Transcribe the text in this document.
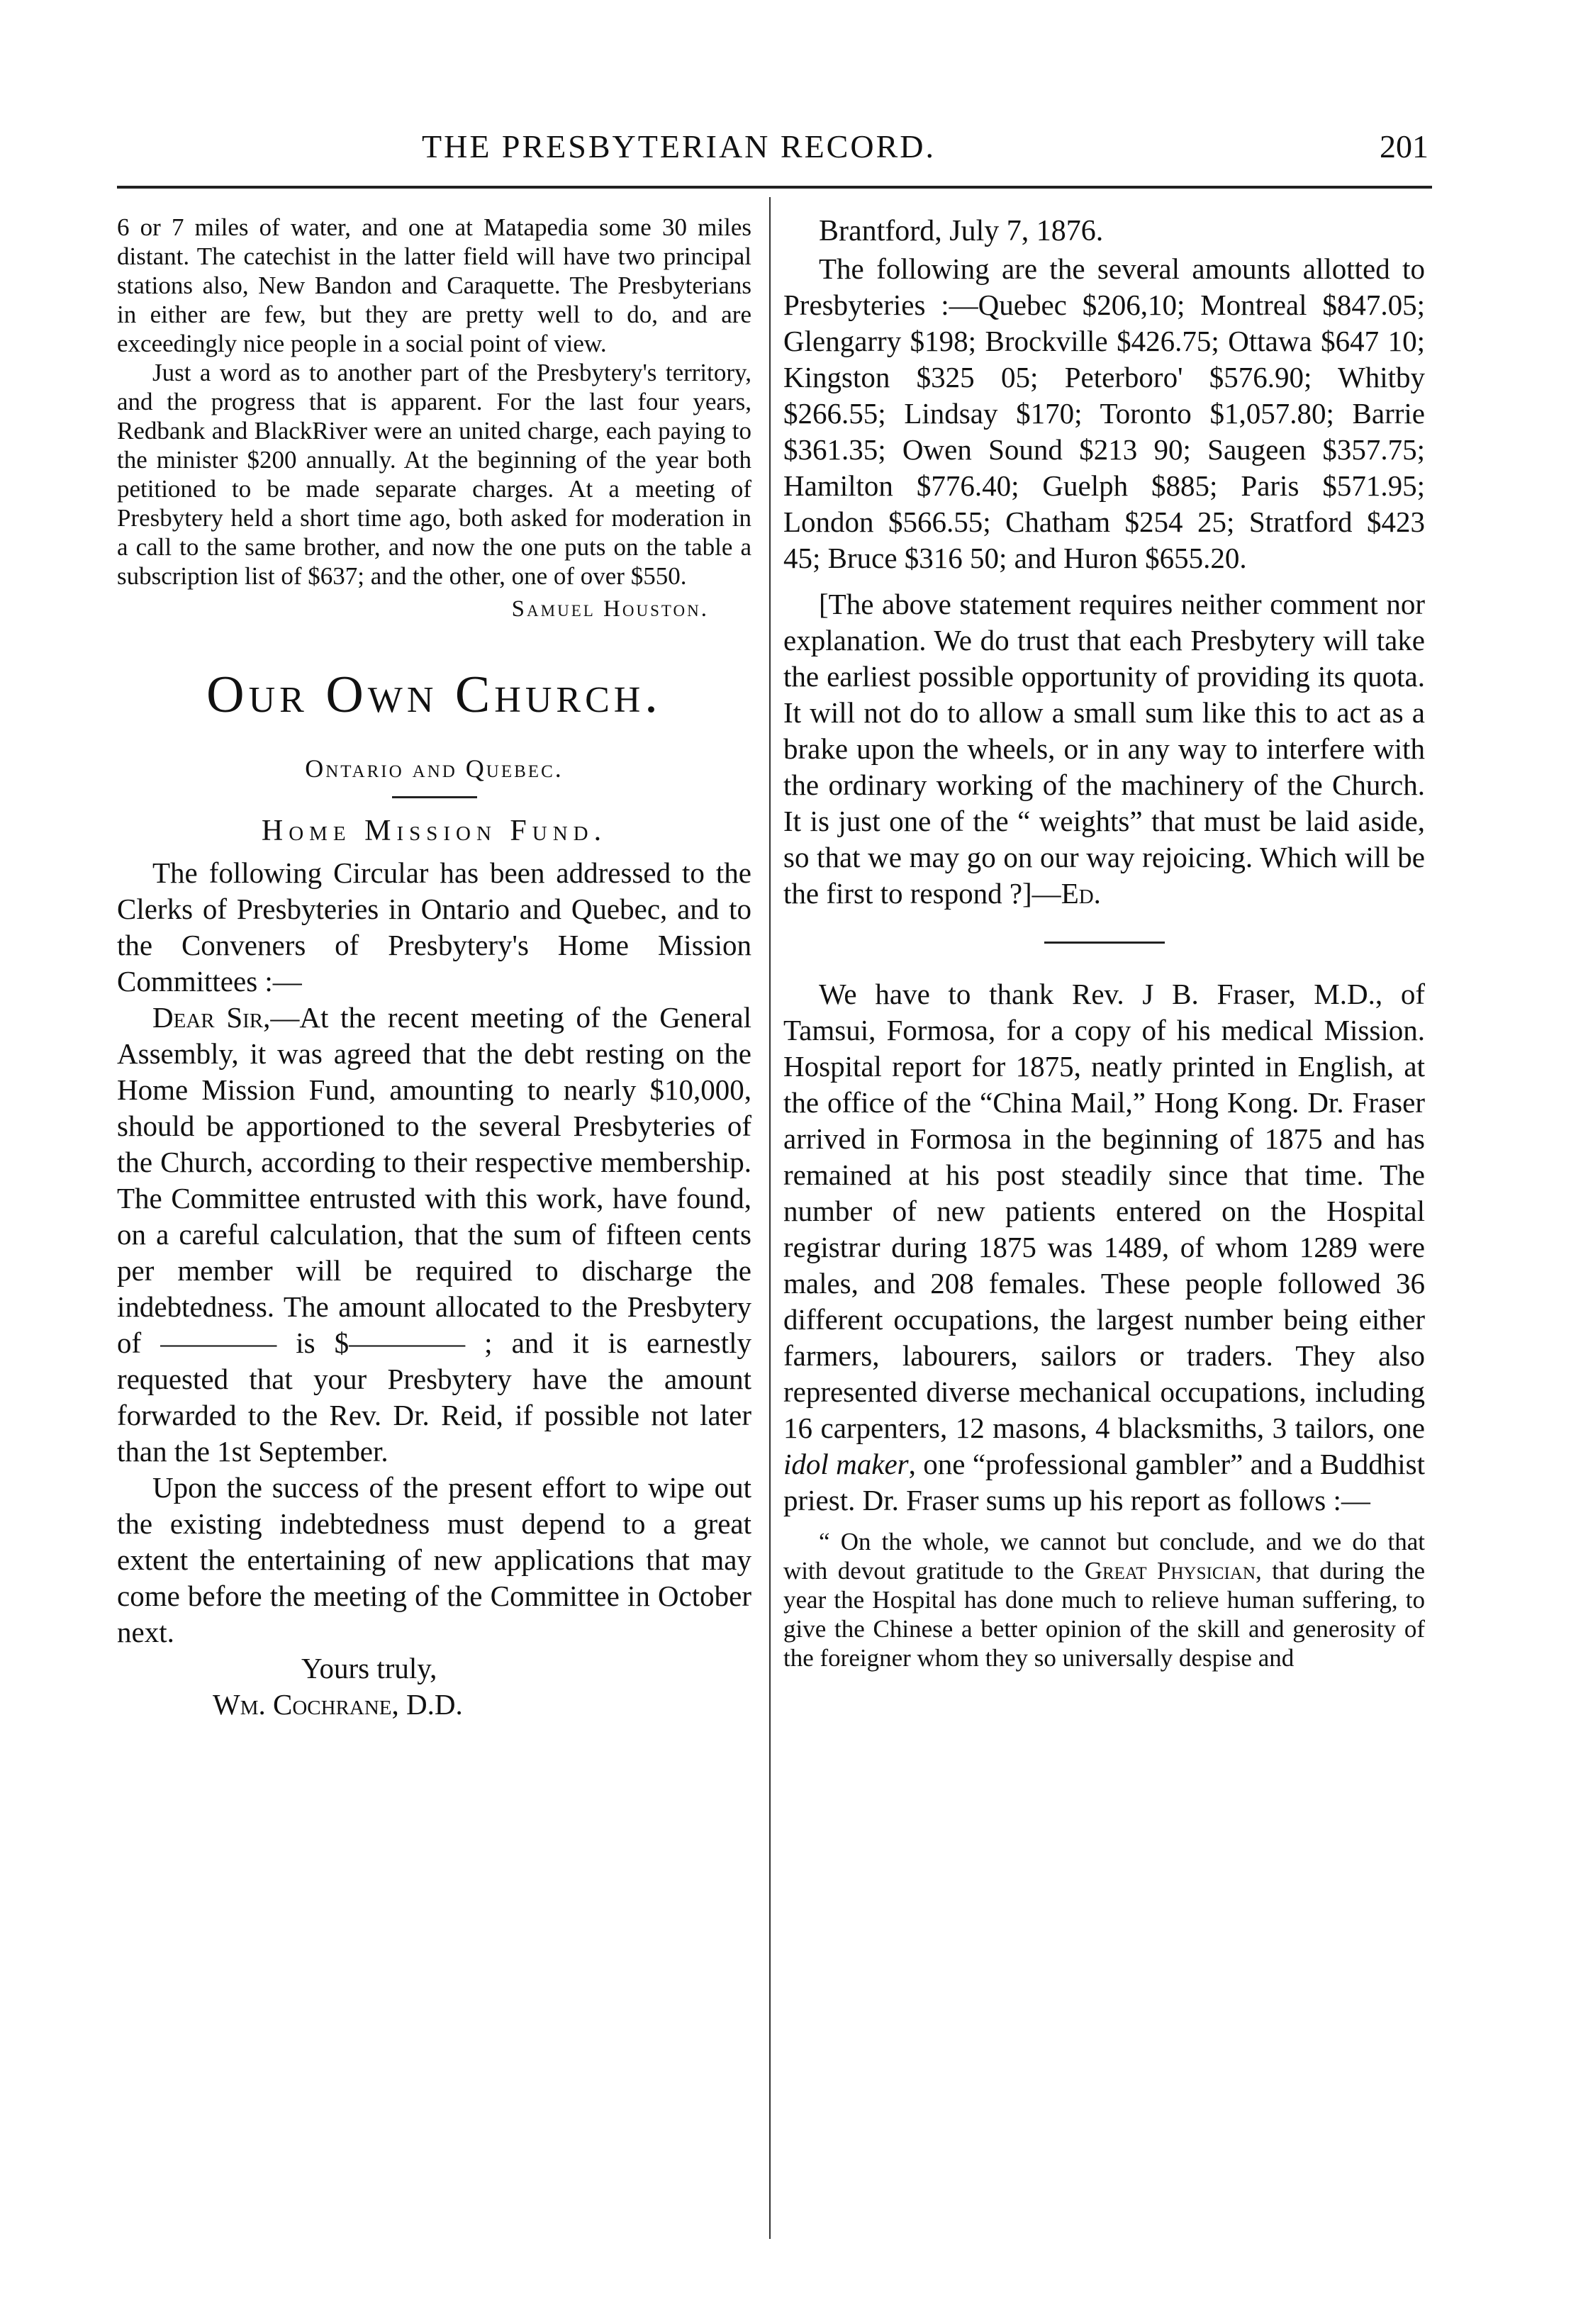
THE PRESBYTERIAN RECORD.	201

6 or 7 miles of water, and one at Matapedia some 30 miles distant. The catechist in the latter field will have two principal stations also, New Bandon and Caraquette. The Presbyterians in either are few, but they are pretty well to do, and are exceedingly nice people in a social point of view.

Just a word as to another part of the Presbytery's territory, and the progress that is apparent. For the last four years, Redbank and BlackRiver were an united charge, each paying to the minister $200 annually. At the beginning of the year both petitioned to be made separate charges. At a meeting of Presbytery held a short time ago, both asked for moderation in a call to the same brother, and now the one puts on the table a subscription list of $637; and the other, one of over $550.

Samuel Houston.

Our Own Church.

Ontario and Quebec.

Home Mission Fund.

The following Circular has been addressed to the Clerks of Presbyteries in Ontario and Quebec, and to the Conveners of Presbytery's Home Mission Committees :—

Dear Sir,—At the recent meeting of the General Assembly, it was agreed that the debt resting on the Home Mission Fund, amounting to nearly $10,000, should be apportioned to the several Presbyteries of the Church, according to their respective membership. The Committee entrusted with this work, have found, on a careful calculation, that the sum of fifteen cents per member will be required to discharge the indebtedness. The amount allocated to the Presbytery of ———— is $———— ; and it is earnestly requested that your Presbytery have the amount forwarded to the Rev. Dr. Reid, if possible not later than the 1st September.

Upon the success of the present effort to wipe out the existing indebtedness must depend to a great extent the entertaining of new applications that may come before the meeting of the Committee in October next.

Yours truly,

Wm. Cochrane, D.D.

Brantford, July 7, 1876.

The following are the several amounts allotted to Presbyteries :—Quebec $206,10; Montreal $847.05; Glengarry $198; Brockville $426.75; Ottawa $647 10; Kingston $325 05; Peterboro' $576.90; Whitby $266.55; Lindsay $170; Toronto $1,057.80; Barrie $361.35; Owen Sound $213 90; Saugeen $357.75; Hamilton $776.40; Guelph $885; Paris $571.95; London $566.55; Chatham $254 25; Stratford $423 45; Bruce $316 50; and Huron $655.20.

[The above statement requires neither comment nor explanation. We do trust that each Presbytery will take the earliest possible opportunity of providing its quota. It will not do to allow a small sum like this to act as a brake upon the wheels, or in any way to interfere with the ordinary working of the machinery of the Church. It is just one of the “ weights” that must be laid aside, so that we may go on our way rejoicing. Which will be the first to respond ?]—Ed.

We have to thank Rev. J B. Fraser, M.D., of Tamsui, Formosa, for a copy of his medical Mission. Hospital report for 1875, neatly printed in English, at the office of the “China Mail,” Hong Kong. Dr. Fraser arrived in Formosa in the beginning of 1875 and has remained at his post steadily since that time. The number of new patients entered on the Hospital registrar during 1875 was 1489, of whom 1289 were males, and 208 females. These people followed 36 different occupations, the largest number being either farmers, labourers, sailors or traders. They also represented diverse mechanical occupations, including 16 carpenters, 12 masons, 4 blacksmiths, 3 tailors, one idol maker, one “professional gambler” and a Buddhist priest. Dr. Fraser sums up his report as follows :—

“ On the whole, we cannot but conclude, and we do that with devout gratitude to the Great Physician, that during the year the Hospital has done much to relieve human suffering, to give the Chinese a better opinion of the skill and generosity of the foreigner whom they so universally despise and
